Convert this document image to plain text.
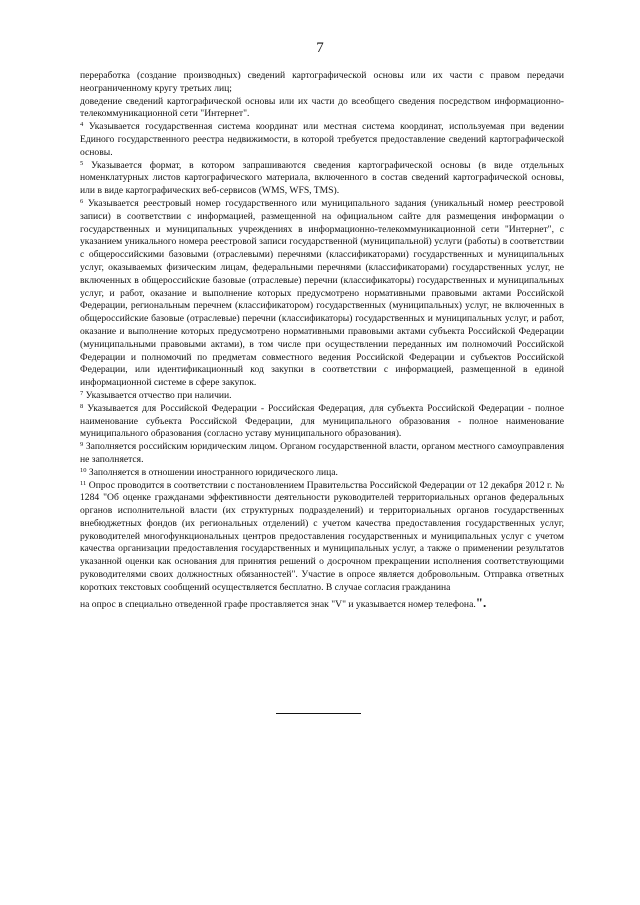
7

переработка (создание производных) сведений картографической основы или их части с правом передачи неограниченному кругу третьих лиц;

доведение сведений картографической основы или их части до всеобщего сведения посредством информационно-телекоммуникационной сети "Интернет".

$^4$ Указывается государственная система координат или местная система координат, используемая при ведении Единого государственного реестра недвижимости, в которой требуется предоставление сведений картографической основы.

$^5$ Указывается формат, в котором запрашиваются сведения картографической основы (в виде отдельных номенклатурных листов картографического материала, включенного в состав сведений картографической основы, или в виде картографических веб-сервисов (WMS, WFS, TMS).

$^6$ Указывается реестровый номер государственного или муниципального задания (уникальный номер реестровой записи) в соответствии с информацией, размещенной на официальном сайте для размещения информации о государственных и муниципальных учреждениях в информационно-телекоммуникационной сети "Интернет", с указанием уникального номера реестровой записи государственной (муниципальной) услуги (работы) в соответствии с общероссийскими базовыми (отраслевыми) перечнями (классификаторами) государственных и муниципальных услуг, оказываемых физическим лицам, федеральными перечнями (классификаторами) государственных услуг, не включенных в общероссийские базовые (отраслевые) перечни (классификаторы) государственных и муниципальных услуг, и работ, оказание и выполнение которых предусмотрено нормативными правовыми актами Российской Федерации, региональным перечнем (классификатором) государственных (муниципальных) услуг, не включенных в общероссийские базовые (отраслевые) перечни (классификаторы) государственных и муниципальных услуг, и работ, оказание и выполнение которых предусмотрено нормативными правовыми актами субъекта Российской Федерации (муниципальными правовыми актами), в том числе при осуществлении переданных им полномочий Российской Федерации и полномочий по предметам совместного ведения Российской Федерации и субъектов Российской Федерации, или идентификационный код закупки в соответствии с информацией, размещенной в единой информационной системе в сфере закупок.

$^7$ Указывается отчество при наличии.

$^8$ Указывается для Российской Федерации - Российская Федерация, для субъекта Российской Федерации - полное наименование субъекта Российской Федерации, для муниципального образования - полное наименование муниципального образования (согласно уставу муниципального образования).

$^9$ Заполняется российским юридическим лицом. Органом государственной власти, органом местного самоуправления не заполняется.

$^{10}$ Заполняется в отношении иностранного юридического лица.

$^{11}$ Опрос проводится в соответствии с постановлением Правительства Российской Федерации от 12 декабря 2012 г. № 1284 "Об оценке гражданами эффективности деятельности руководителей территориальных органов федеральных органов исполнительной власти (их структурных подразделений) и территориальных органов государственных внебюджетных фондов (их региональных отделений) с учетом качества предоставления государственных услуг, руководителей многофункциональных центров предоставления государственных и муниципальных услуг с учетом качества организации предоставления государственных и муниципальных услуг, а также о применении результатов указанной оценки как основания для принятия решений о досрочном прекращении исполнения соответствующими руководителями своих должностных обязанностей". Участие в опросе является добровольным. Отправка ответных коротких текстовых сообщений осуществляется бесплатно. В случае согласия гражданина

на опрос в специально отведенной графе проставляется знак "V" и указывается номер телефона.".
